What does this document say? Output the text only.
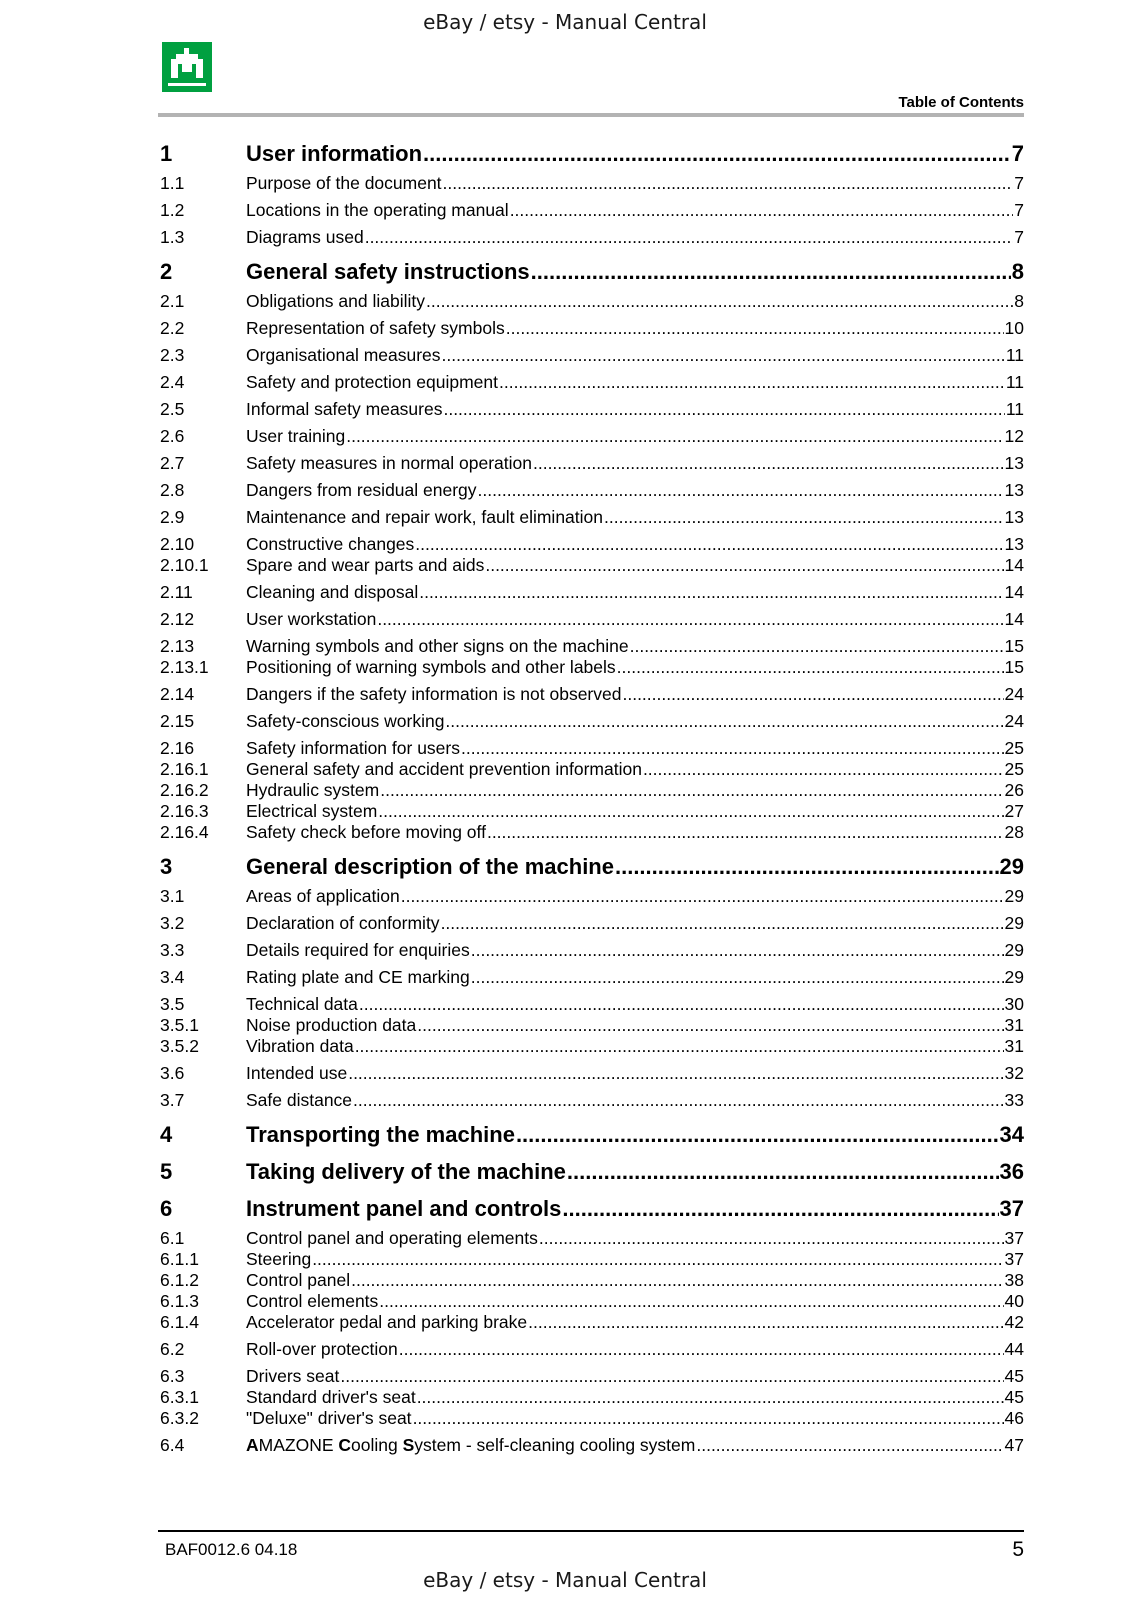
eBay / etsy - Manual Central
Table of Contents
1	User information .....	7
1.1	Purpose of the document .....	7
1.2	Locations in the operating manual .....	7
1.3	Diagrams used .....	7
2	General safety instructions .....	8
2.1	Obligations and liability .....	8
2.2	Representation of safety symbols .....	10
2.3	Organisational measures .....	11
2.4	Safety and protection equipment .....	11
2.5	Informal safety measures .....	11
2.6	User training .....	12
2.7	Safety measures in normal operation .....	13
2.8	Dangers from residual energy .....	13
2.9	Maintenance and repair work, fault elimination .....	13
2.10	Constructive changes .....	13
2.10.1	Spare and wear parts and aids .....	14
2.11	Cleaning and disposal .....	14
2.12	User workstation .....	14
2.13	Warning symbols and other signs on the machine .....	15
2.13.1	Positioning of warning symbols and other labels .....	15
2.14	Dangers if the safety information is not observed .....	24
2.15	Safety-conscious working .....	24
2.16	Safety information for users .....	25
2.16.1	General safety and accident prevention information .....	25
2.16.2	Hydraulic system .....	26
2.16.3	Electrical system .....	27
2.16.4	Safety check before moving off .....	28
3	General description of the machine .....	29
3.1	Areas of application .....	29
3.2	Declaration of conformity .....	29
3.3	Details required for enquiries .....	29
3.4	Rating plate and CE marking .....	29
3.5	Technical data .....	30
3.5.1	Noise production data .....	31
3.5.2	Vibration data .....	31
3.6	Intended use .....	32
3.7	Safe distance .....	33
4	Transporting the machine .....	34
5	Taking delivery of the machine .....	36
6	Instrument panel and controls .....	37
6.1	Control panel and operating elements .....	37
6.1.1	Steering .....	37
6.1.2	Control panel .....	38
6.1.3	Control elements .....	40
6.1.4	Accelerator pedal and parking brake .....	42
6.2	Roll-over protection .....	44
6.3	Drivers seat .....	45
6.3.1	Standard driver's seat .....	45
6.3.2	"Deluxe" driver's seat .....	46
6.4	AMAZONE Cooling System - self-cleaning cooling system .....	47
BAF0012.6 04.18	5
eBay / etsy - Manual Central
